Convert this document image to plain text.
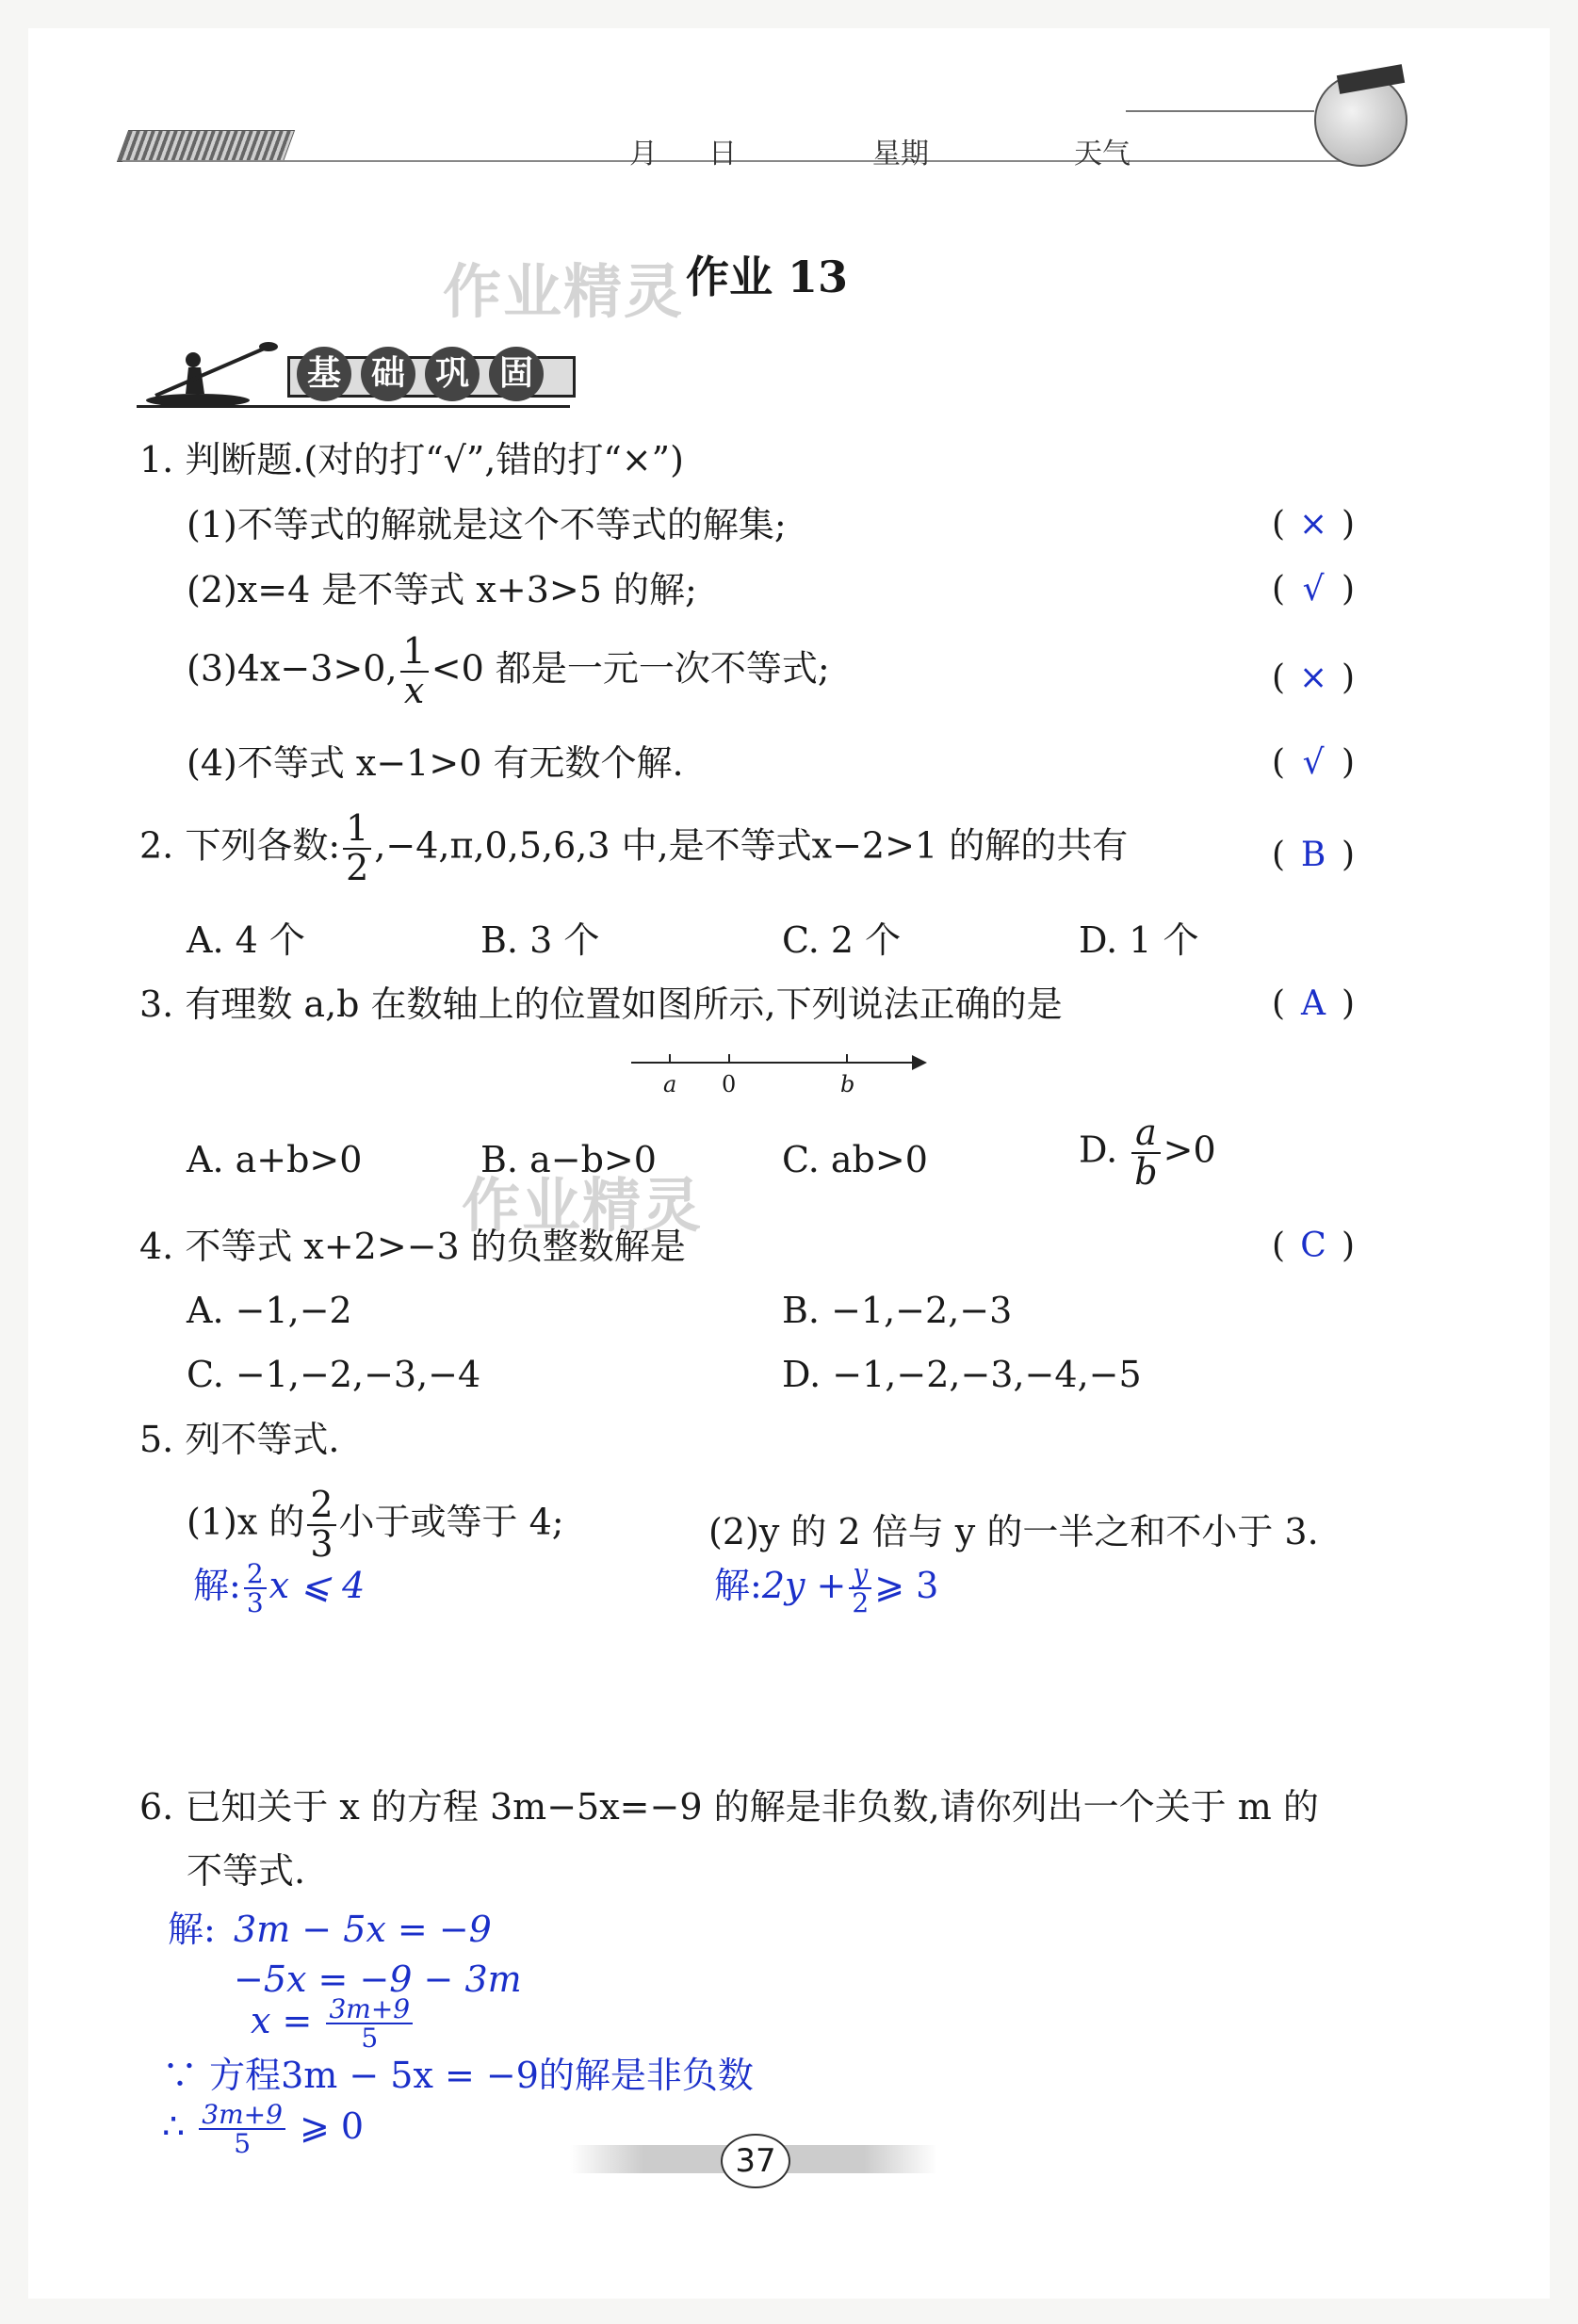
月 日	星期	天气
作业精灵 作业 13
基 础 巩 固
1. 判断题.(对的打“√”,错的打“×”)
(1)不等式的解就是这个不等式的解集;	( × )
(2)x=4 是不等式 x+3>5 的解;	( √ )
(3)4x−3>0, $\frac{1}{x} <0$ 都是一元一次不等式;	( × )
(4)不等式 x−1>0 有无数个解.	( √ )
2. 下列各数: $\frac{1}{2} ,-4,\pi,0,5,6,3$ 中,是不等式x−2>1 的解的共有	( B )
A. 4 个	B. 3 个	C. 2 个	D. 1 个
3. 有理数 a,b 在数轴上的位置如图所示,下列说法正确的是	( A )
a 0	b
A. a+b>0
作业精灵
B. a−b>0	C. ab>0	D. $\frac{a}{b} >0$
4. 不等式 x+2>−3 的负整数解是	( C )
A. −1,−2	B. −1,−2,−3
C. −1,−2,−3,−4	D. −1,−2,−3,−4,−5
5. 列不等式.
(1)x 的 $\frac{2}{3}$ 小于或等于 4;	(2)y 的 2 倍与 y 的一半之和不小于 3.
解: $\frac{2}{3}$ x ⩽ 4	解:2y + $\frac{y}{2}$ ⩾ 3
6. 已知关于 x 的方程 3m−5x=−9 的解是非负数,请你列出一个关于 m 的
不等式.
解: 3m − 5x = −9
−5x = −9 − 3m
$x = \frac{3m+9}{5}$
∵ 方程3m − 5x = −9的解是非负数
∴ $\frac{3m+9}{5}$ ⩾ 0
37
